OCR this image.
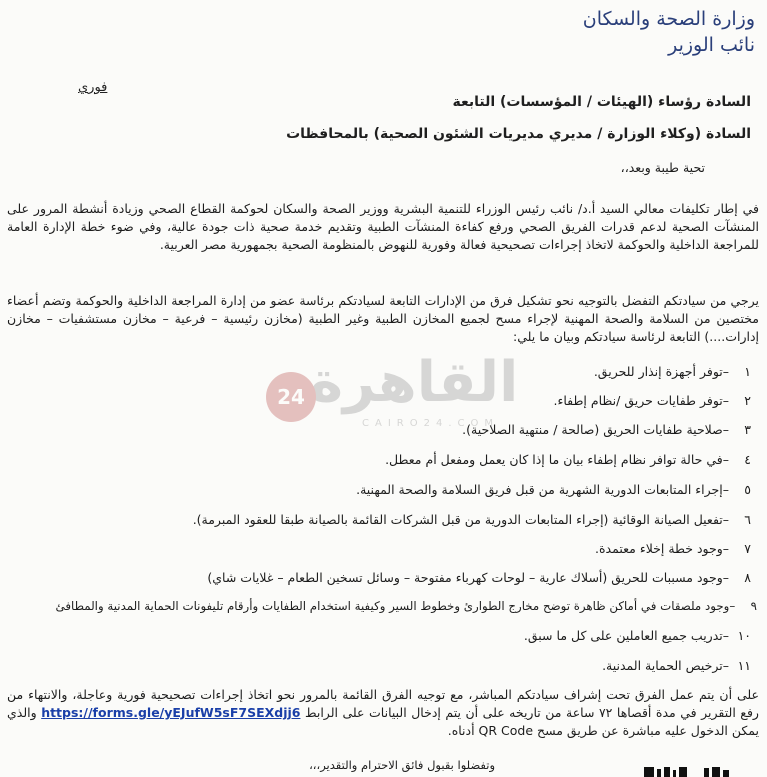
وزارة الصحة والسكان
نائب الوزير
فوري
السادة رؤساء (الهيئات / المؤسسات) التابعة
السادة (وكلاء الوزارة / مديري مديريات الشئون الصحية) بالمحافظات
تحية طيبة وبعد،،
في إطار تكليفات معالي السيد أ.د/ نائب رئيس الوزراء للتنمية البشرية ووزير الصحة والسكان لحوكمة القطاع الصحي وزيادة أنشطة المرور على المنشآت الصحية لدعم قدرات الفريق الصحي ورفع كفاءة المنشآت الطبية وتقديم خدمة صحية ذات جودة عالية، وفي ضوء خطة الإدارة العامة للمراجعة الداخلية والحوكمة لاتخاذ إجراءات تصحيحية فعالة وفورية للنهوض بالمنظومة الصحية بجمهورية مصر العربية.
يرجي من سيادتكم التفضل بالتوجيه نحو تشكيل فرق من الإدارات التابعة لسيادتكم برئاسة عضو من إدارة المراجعة الداخلية والحوكمة وتضم أعضاء مختصين من السلامة والصحة المهنية لإجراء مسح لجميع المخازن الطبية وغير الطبية (مخازن رئيسية – فرعية – مخازن مستشفيات – مخازن إدارات....) التابعة لرئاسة سيادتكم وبيان ما يلي:
القاهرة
24
CAIRO24.COM
١ –توفر أجهزة إنذار للحريق.
٢ –توفر طفايات حريق /نظام إطفاء.
٣ –صلاحية طفايات الحريق (صالحة / منتهية الصلاحية).
٤ –في حالة توافر نظام إطفاء بيان ما إذا كان يعمل ومفعل أم معطل.
٥ –إجراء المتابعات الدورية الشهرية من قبل فريق السلامة والصحة المهنية.
٦ –تفعيل الصيانة الوقائية (إجراء المتابعات الدورية من قبل الشركات القائمة بالصيانة طبقا للعقود المبرمة).
٧ –وجود خطة إخلاء معتمدة.
٨ –وجود مسببات للحريق (أسلاك عارية – لوحات كهرباء مفتوحة – وسائل تسخين الطعام – غلايات شاي)
٩ –وجود ملصقات في أماكن ظاهرة توضح مخارج الطوارئ وخطوط السير وكيفية استخدام الطفايات وأرقام تليفونات الحماية المدنية والمطافئ
١٠ –تدريب جميع العاملين على كل ما سبق.
١١ –ترخيص الحماية المدنية.
على أن يتم عمل الفرق تحت إشراف سيادتكم المباشر، مع توجيه الفرق القائمة بالمرور نحو اتخاذ إجراءات تصحيحية فورية وعاجلة، والانتهاء من رفع التقرير في مدة أقصاها ٧٢ ساعة من تاريخه على أن يتم إدخال البيانات على الرابط https://forms.gle/yEJufW5sF7SEXdjj6 والذي يمكن الدخول عليه مباشرة عن طريق مسح QR Code أدناه.
وتفضلوا بقبول فائق الاحترام والتقدير،،،
